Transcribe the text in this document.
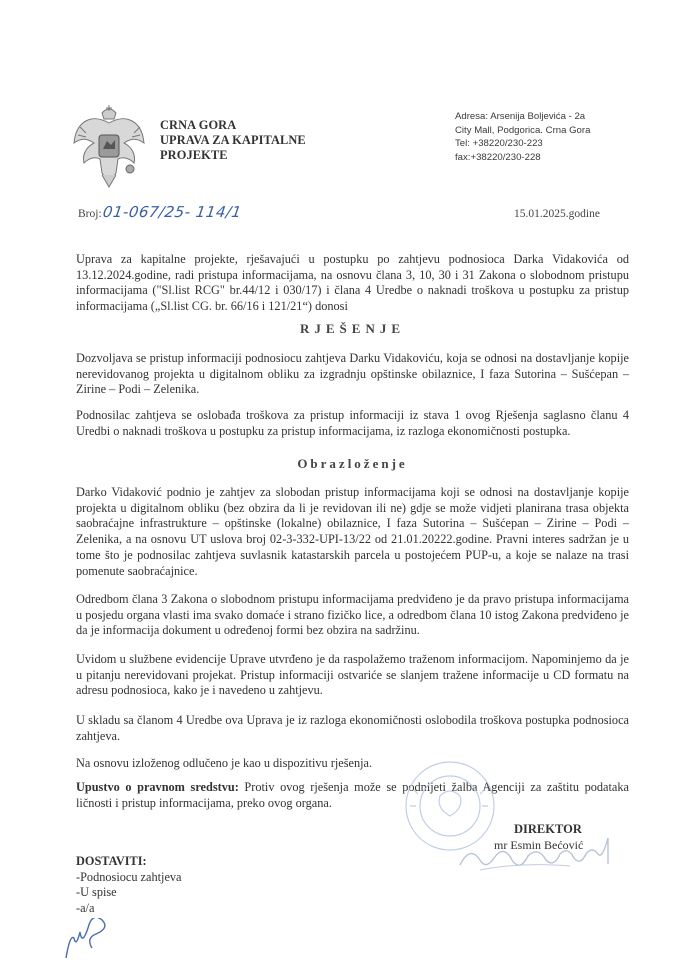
CRNA GORA
UPRAVA ZA KAPITALNE
PROJEKTE
Adresa: Arsenija Boljevića - 2a
City Mall, Podgorica. Crna Gora
Tel: +38220/230-223
fax:+38220/230-228
Broj: 01-067/25- 114/1	15.01.2025.godine
Uprava za kapitalne projekte, rješavajući u postupku po zahtjevu podnosioca Darka Vidakovića od 13.12.2024.godine, radi pristupa informacijama, na osnovu člana 3, 10, 30 i 31 Zakona o slobodnom pristupu informacijama ("Sl.list RCG" br.44/12 i 030/17) i člana 4 Uredbe o naknadi troškova u postupku za pristup informacijama („Sl.list CG. br. 66/16 i 121/21“) donosi
RJEŠENJE
Dozvoljava se pristup informaciji podnosiocu zahtjeva Darku Vidakoviću, koja se odnosi na dostavljanje kopije nerevidovanog projekta u digitalnom obliku za izgradnju opštinske obilaznice, I faza Sutorina – Sušćepan – Zirine – Podi – Zelenika.
Podnosilac zahtjeva se oslobađa troškova za pristup informaciji iz stava 1 ovog Rješenja saglasno članu 4 Uredbi o naknadi troškova u postupku za pristup informacijama, iz razloga ekonomičnosti postupka.
Obrazloženje
Darko Vidaković podnio je zahtjev za slobodan pristup informacijama koji se odnosi na dostavljanje kopije projekta u digitalnom obliku (bez obzira da li je revidovan ili ne) gdje se može vidjeti planirana trasa objekta saobraćajne infrastrukture – opštinske (lokalne) obilaznice, I faza Sutorina – Sušćepan – Zirine – Podi – Zelenika, a na osnovu UT uslova broj 02-3-332-UPI-13/22 od 21.01.20222.godine. Pravni interes sadržan je u tome što je podnosilac zahtjeva suvlasnik katastarskih parcela u postojećem PUP-u, a koje se nalaze na trasi pomenute saobraćajnice.
Odredbom člana 3 Zakona o slobodnom pristupu informacijama predviđeno je da pravo pristupa informacijama u posjedu organa vlasti ima svako domaće i strano fizičko lice, a odredbom člana 10 istog Zakona predviđeno je da je informacija dokument u određenoj formi bez obzira na sadržinu.
Uvidom u službene evidencije Uprave utvrđeno je da raspolažemo traženom informacijom. Napominjemo da je u pitanju nerevidovani projekat. Pristup informaciji ostvariće se slanjem tražene informacije u CD formatu na adresu podnosioca, kako je i navedeno u zahtjevu.
U skladu sa članom 4 Uredbe ova Uprava je iz razloga ekonomičnosti oslobodila troškova postupka podnosioca zahtjeva.
Na osnovu izloženog odlučeno je kao u dispozitivu rješenja.
Upustvo o pravnom sredstvu: Protiv ovog rješenja može se podnijeti žalba Agenciji za zaštitu podataka ličnosti i pristup informacijama, preko ovog organa.
DIREKTOR
mr Esmin Bećović
DOSTAVITI:
-Podnosiocu zahtjeva
-U spise
-a/a
